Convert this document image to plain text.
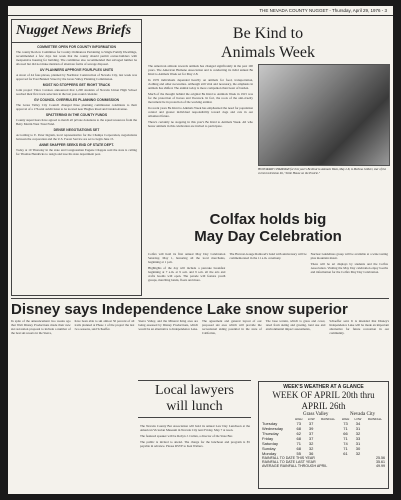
THE NEVADA COUNTY NUGGET - Thursday, April 29, 1976 - 3
Nugget News Briefs
COMMITTEE OPEN FOR COUNTY INFORMATION

The county Review Committee for County Ordinances Pertaining to Single Family Dwellings, recommended a few days last week that the county should permit owner-builders with inexpensive housing for building. The committee also recommended that salvaged lumber be allowed but did not make mention of alternate forms of sewage disposal.

UV PLANNERS APPROVE FOUR-PLEX UNITS

A street of 44 four-plexes, planned by Northstar Construction of Nevada City, last week was approved for East Bennett Street by the Grass Valley Planning Commission.

MOST NO STOPPERS GET RIGHT TRACK

Joint project Vince Cardozo announced that 1,200 students of Nevada Union High School reached their first track selection in the last year-round calendar.

GV COUNCIL OVERRULES PLANNING COMMISSION

The Grass Valley City Council changed three planning commission conditions to their approval of a 176-unit subdivision to be located near Hughes Road and Linden Avenue.

SPATTERING IN THE COUNTY FUNDS

County supervisors have agreed to match all private donations to the squad resources from the Betty Martin West Trust Fund.

DENSE NEGOTIATIONS SET

According to E. Peter Ingram, local representative for the Champs Corporation, negotiations between the corporation and the U.S. Forest Service are set to begin June 15.

ANNE SHAFFER SEEKS END OF STATE DEPT.

Today at 10 Thursday in the state and Congressman Eugene Chappie said the state is calling for Thomas Hendricks to resign and lose his state department post.

Be Kind to
Animals Week

The American attitude towards animals has changed significantly in the past 100 years. The American Humane Association and is conducting its 62nd annual Be Kind to Animals Week set for May 2-8.

In 1976 individuals depended heavily on animals for food, transportation, clothing and other necessities. Although still vital and necessary, the emphasis in animals has shifted. The animal today is more companion than beast of burden.

Much of the thought behind the original Be Kind to Animals Week in 1915 was for the protection of horses and livestock. In fact, the roots of the anti-cruelty movement lie in protection of the working animal.

In recent years Be Kind to Animals Week has emphasized the need for population control and greater individual responsibility toward dogs and cats in our urbanized future.

There's certainly no stopping in this year's Be Kind to Animals Week. All who honor animals in this celebration are invited to participate.

HONORARY CHAIRMAN for this year's Be Kind to Animals Week, May 2-8, is Melissa Gilbert, star of the current television hit, "Little House on the Prairie."
Colfax holds big
May Day Celebration

Colfax will hold its first annual May Day Celebration Saturday, May 1, honoring all the local merchants, beginning at 1 p.m.

Highlights of the day will include a pancake breakfast beginning at 7 a.m. at 9 a.m. and 9 a.m. all the arts and crafts booths will open. The parade will feature youth groups, marching bands, floats and more.

The Harvest-Gauge Railroad's band with anniversary will be commemorated in the 11 a.m. ceremony.

Nuclear Guidelines group will be available at a wine tasting plus mountain music.

There will be art displays by students and the Colfax Association. Visiting the May Day celebration enjoy booths and information for the Colfax May Day Celebration.

Disney says Independence Lake snow superior
In spite of the announcement two weeks ago that Walt Disney Productions made their new ski recreation proposal to include a number of the best ski resorts in the Sierra,
have been able to ski almost 50 percent of all trails planned at Phase 1 of the project the last two seasons, said Schaeffer.
Sierra Valley, and the Mineral King area are being assessed by Disney Productions, which would be an alternative to Independence Lake.
The agreement and general layout of our proposed ski area which will provide the recreational skiing potential in the state of California,
The base terrain, which is grass and cover, rated from skiing and grazing, land use and environmental impact assessments,
Schaeffer said. It is intended that Disney's Independence Lake will be made an important alternative for future recreation in our community.
Local lawyers
will lunch

The Nevada County Bar Association will hold its annual Law Day Luncheon at the American Victorian Museum in Nevada City next Friday, May 7 at noon.

The featured speaker will be Robyn J. Cullen, a director of the State Bar.

The public is invited to attend. The charge for the luncheon and program is $5 payable in advance. Please RSVP to Ken Walters.

WEEK'S WEATHER AT A GLANCE
WEEK OF APRIL 20th thru APRIL 26th
	Grass Valley			Nevada City		
	HIGH	LOW	RAINFALL	HIGH	LOW	RAINFALL
Tuesday	73	37		73	34	
Wednesday	68	39		71	31	
Thursday	62	37		66	32	
Friday	68	37		71	33	
Saturday	71	32		74	31	
Sunday	68	32		71	30	
Monday	55	36		61	32	
RAINFALL TO DATE THIS YEAR	25.56
RAINFALL TO DATE LAST YEAR	35.61
AVERAGE RAINFALL THROUGH APRIL	49.99
